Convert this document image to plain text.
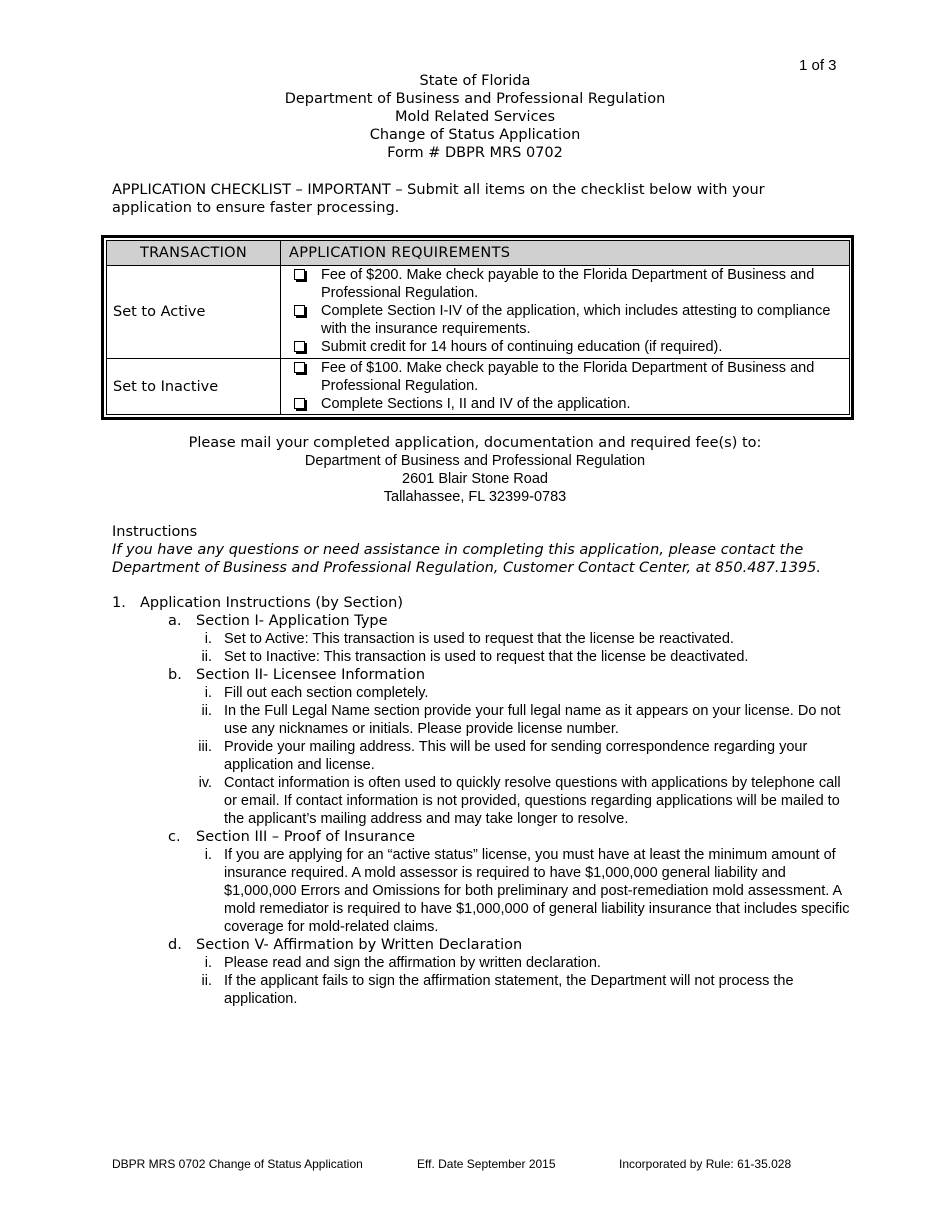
1 of 3
State of Florida
Department of Business and Professional Regulation
Mold Related Services
Change of Status Application
Form # DBPR MRS 0702
APPLICATION CHECKLIST – IMPORTANT – Submit all items on the checklist below with your application to ensure faster processing.
TRANSACTION	APPLICATION REQUIREMENTS
Set to Active	Fee of $200. Make check payable to the Florida Department of Business and Professional Regulation.
Complete Section I-IV of the application, which includes attesting to compliance with the insurance requirements.
Submit credit for 14 hours of continuing education (if required).

Set to Inactive	Fee of $100. Make check payable to the Florida Department of Business and Professional Regulation.
Complete Sections I, II and IV of the application.
Please mail your completed application, documentation and required fee(s) to:
Department of Business and Professional Regulation
2601 Blair Stone Road
Tallahassee, FL 32399-0783
Instructions
If you have any questions or need assistance in completing this application, please contact the Department of Business and Professional Regulation, Customer Contact Center, at 850.487.1395.
1. Application Instructions (by Section)
a. Section I- Application Type
i. Set to Active: This transaction is used to request that the license be reactivated.
ii. Set to Inactive: This transaction is used to request that the license be deactivated.
b. Section II- Licensee Information
i. Fill out each section completely.
ii. In the Full Legal Name section provide your full legal name as it appears on your license. Do not use any nicknames or initials. Please provide license number.
iii. Provide your mailing address. This will be used for sending correspondence regarding your application and license.
iv. Contact information is often used to quickly resolve questions with applications by telephone call or email. If contact information is not provided, questions regarding applications will be mailed to the applicant’s mailing address and may take longer to resolve.
c. Section III – Proof of Insurance
i. If you are applying for an “active status” license, you must have at least the minimum amount of insurance required. A mold assessor is required to have $1,000,000 general liability and $1,000,000 Errors and Omissions for both preliminary and post-remediation mold assessment. A mold remediator is required to have $1,000,000 of general liability insurance that includes specific coverage for mold-related claims.
d. Section V- Affirmation by Written Declaration
i. Please read and sign the affirmation by written declaration.
ii. If the applicant fails to sign the affirmation statement, the Department will not process the application.
DBPR MRS 0702 Change of Status Application	Eff. Date September 2015	Incorporated by Rule: 61-35.028
